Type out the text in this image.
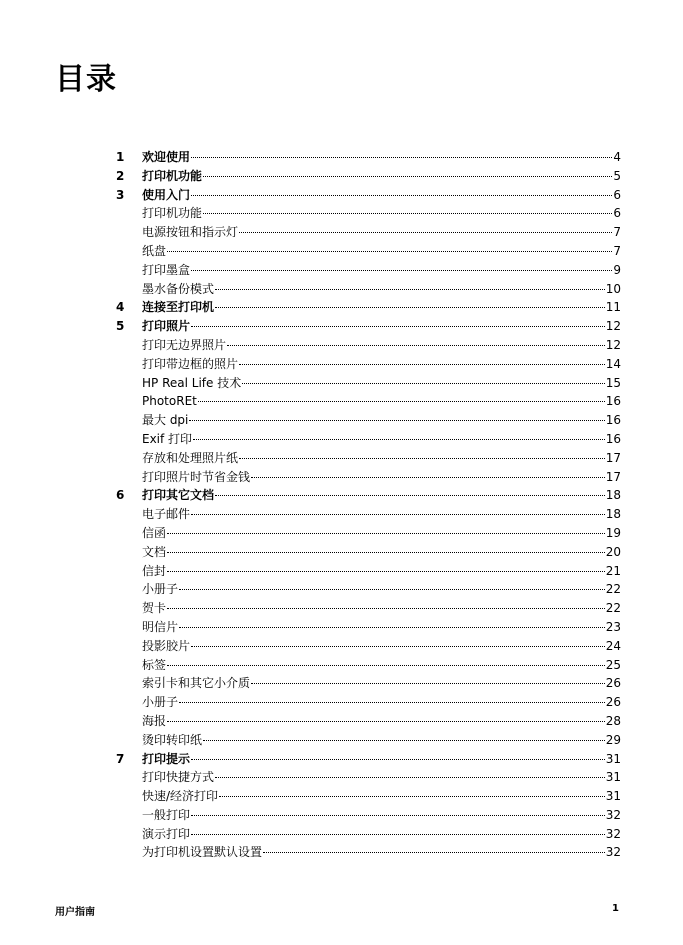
目录
1	欢迎使用	4
2	打印机功能	5
3	使用入门	6
打印机功能	6
电源按钮和指示灯	7
纸盘	7
打印墨盒	9
墨水备份模式	10
4	连接至打印机	11
5	打印照片	12
打印无边界照片	12
打印带边框的照片	14
HP Real Life 技术	15
PhotoREt	16
最大 dpi	16
Exif 打印	16
存放和处理照片纸	17
打印照片时节省金钱	17
6	打印其它文档	18
电子邮件	18
信函	19
文档	20
信封	21
小册子	22
贺卡	22
明信片	23
投影胶片	24
标签	25
索引卡和其它小介质	26
小册子	26
海报	28
烫印转印纸	29
7	打印提示	31
打印快捷方式	31
快速/经济打印	31
一般打印	32
演示打印	32
为打印机设置默认设置	32
用户指南	1
